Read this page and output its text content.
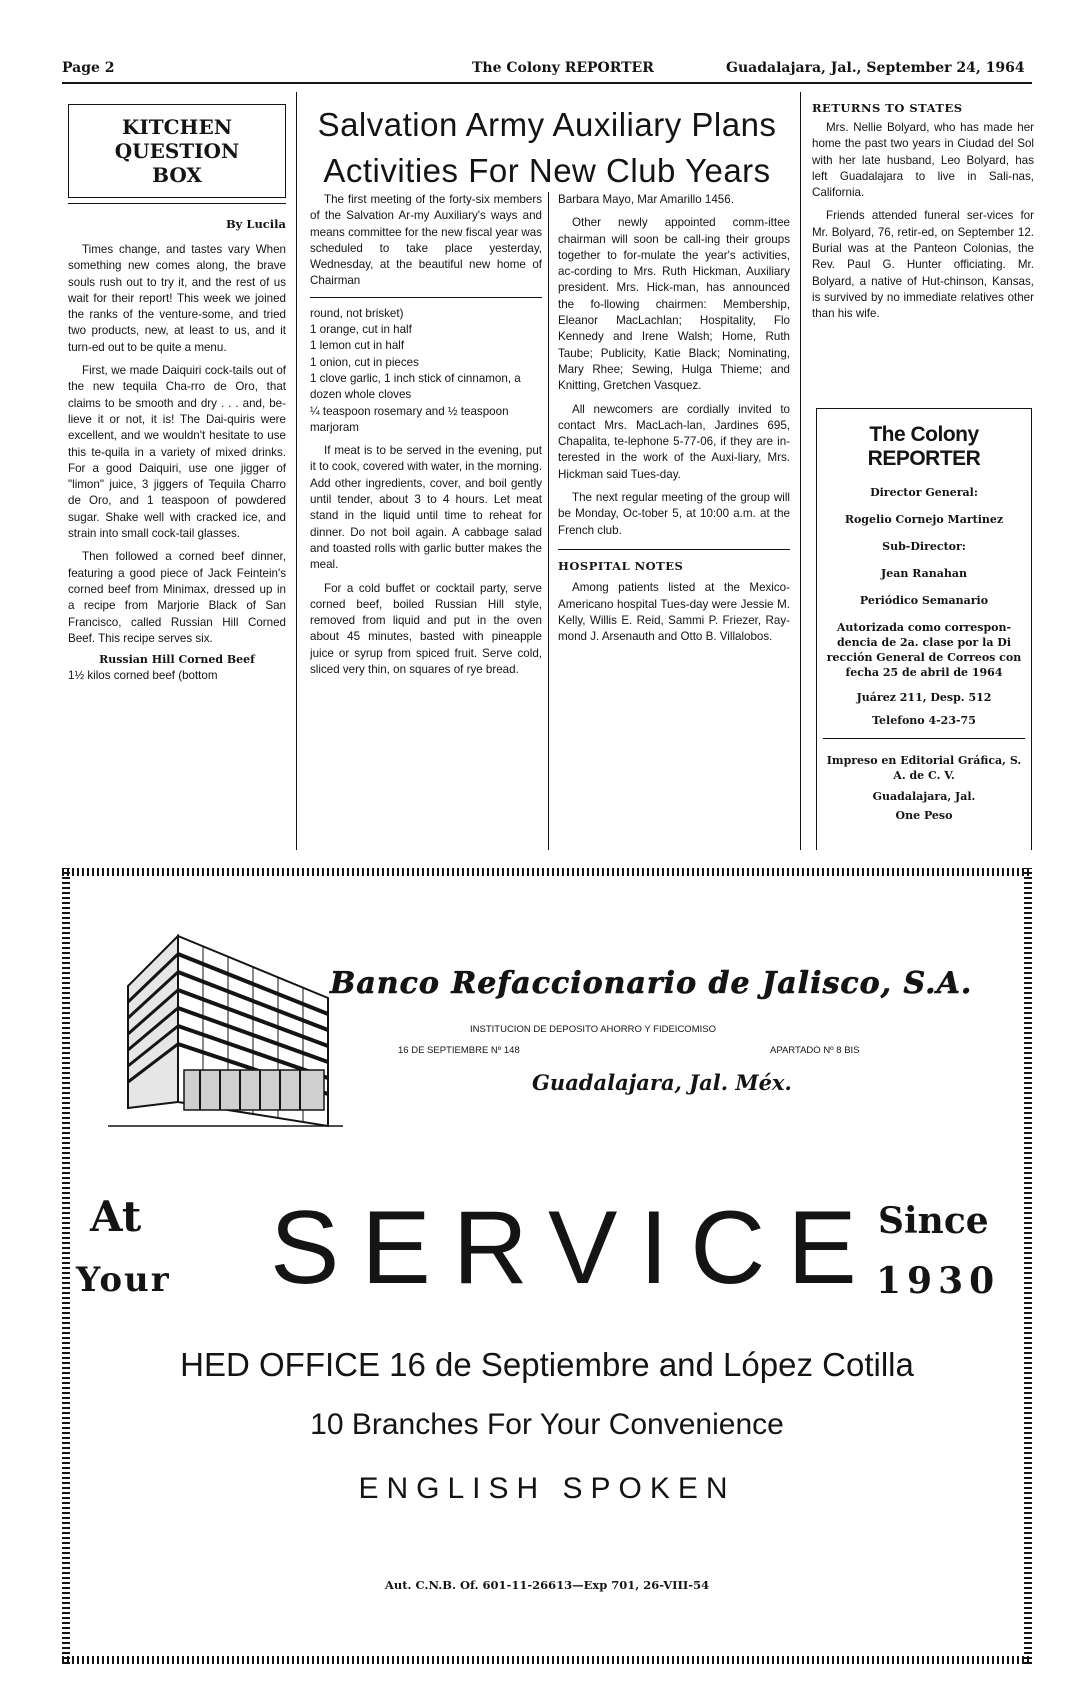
Page 2	The Colony REPORTER	Guadalajara, Jal., September 24, 1964
KITCHEN
QUESTION
BOX
By Lucila

Times change, and tastes vary When something new comes along, the brave souls rush out to try it, and the rest of us wait for their report! This week we joined the ranks of the venture-some, and tried two products, new, at least to us, and it turn-ed out to be quite a menu.

First, we made Daiquiri cock-tails out of the new tequila Cha-rro de Oro, that claims to be smooth and dry . . . and, be-lieve it or not, it is! The Dai-quiris were excellent, and we wouldn't hesitate to use this te-quila in a variety of mixed drinks. For a good Daiquiri, use one jigger of "limon" juice, 3 jiggers of Tequila Charro de Oro, and 1 teaspoon of powdered sugar. Shake well with cracked ice, and strain into small cock-tail glasses.

Then followed a corned beef dinner, featuring a good piece of Jack Feintein's corned beef from Minimax, dressed up in a recipe from Marjorie Black of San Francisco, called Russian Hill Corned Beef. This recipe serves six.

Russian Hill Corned Beef
1½ kilos corned beef (bottom
Salvation Army Auxiliary Plans
Activities For New Club Years

The first meeting of the forty-six members of the Salvation Ar-my Auxiliary's ways and means committee for the new fiscal year was scheduled to take place yesterday, Wednesday, at the beautiful new home of Chairman

round, not brisket)
1 orange, cut in half
1 lemon cut in half
1 onion, cut in pieces
1 clove garlic, 1 inch stick of cinnamon, a dozen whole cloves
¼ teaspoon rosemary and ½ teaspoon marjoram

If meat is to be served in the evening, put it to cook, covered with water, in the morning. Add other ingredients, cover, and boil gently until tender, about 3 to 4 hours. Let meat stand in the liquid until time to reheat for dinner. Do not boil again. A cabbage salad and toasted rolls with garlic butter makes the meal.

For a cold buffet or cocktail party, serve corned beef, boiled Russian Hill style, removed from liquid and put in the oven about 45 minutes, basted with pineapple juice or syrup from spiced fruit. Serve cold, sliced very thin, on squares of rye bread.

Barbara Mayo, Mar Amarillo 1456.

Other newly appointed comm-ittee chairman will soon be call-ing their groups together to for-mulate the year's activities, ac-cording to Mrs. Ruth Hickman, Auxiliary president. Mrs. Hick-man, has announced the fo-llowing chairmen: Membership, Eleanor MacLachlan; Hospitality, Flo Kennedy and Irene Walsh; Home, Ruth Taube; Publicity, Katie Black; Nominating, Mary Rhee; Sewing, Hulga Thieme; and Knitting, Gretchen Vasquez.

All newcomers are cordially invited to contact Mrs. MacLach-lan, Jardines 695, Chapalita, te-lephone 5-77-06, if they are in-terested in the work of the Auxi-liary, Mrs. Hickman said Tues-day.

The next regular meeting of the group will be Monday, Oc-tober 5, at 10:00 a.m. at the French club.

HOSPITAL NOTES

Among patients listed at the Mexico-Americano hospital Tues-day were Jessie M. Kelly, Willis E. Reid, Sammi P. Friezer, Ray-mond J. Arsenauth and Otto B. Villalobos.

RETURNS TO STATES

Mrs. Nellie Bolyard, who has made her home the past two years in Ciudad del Sol with her late husband, Leo Bolyard, has left Guadalajara to live in Sali-nas, California.

Friends attended funeral ser-vices for Mr. Bolyard, 76, retir-ed, on September 12. Burial was at the Panteon Colonias, the Rev. Paul G. Hunter officiating. Mr. Bolyard, a native of Hut-chinson, Kansas, is survived by no immediate relatives other than his wife.

The Colony REPORTER
Director General:
Rogelio Cornejo Martinez
Sub-Director:
Jean Ranahan
Periódico Semanario
Autorizada como correspon-dencia de 2a. clase por la Di rección General de Correos con fecha 25 de abril de 1964
Juárez 211, Desp. 512
Telefono 4-23-75
Impreso en Editorial Gráfica, S. A. de C. V.
Guadalajara, Jal.
One Peso
Banco Refaccionario de Jalisco, S.A.
INSTITUCION DE DEPOSITO AHORRO Y FIDEICOMISO
16 DE SEPTIEMBRE Nº 148	APARTADO Nº 8 BIS
Guadalajara, Jal. Méx.
At
Your SERVICE Since
1930
HED OFFICE 16 de Septiembre and López Cotilla
10 Branches For Your Convenience
ENGLISH SPOKEN
Aut. C.N.B. Of. 601-11-26613—Exp 701, 26-VIII-54
